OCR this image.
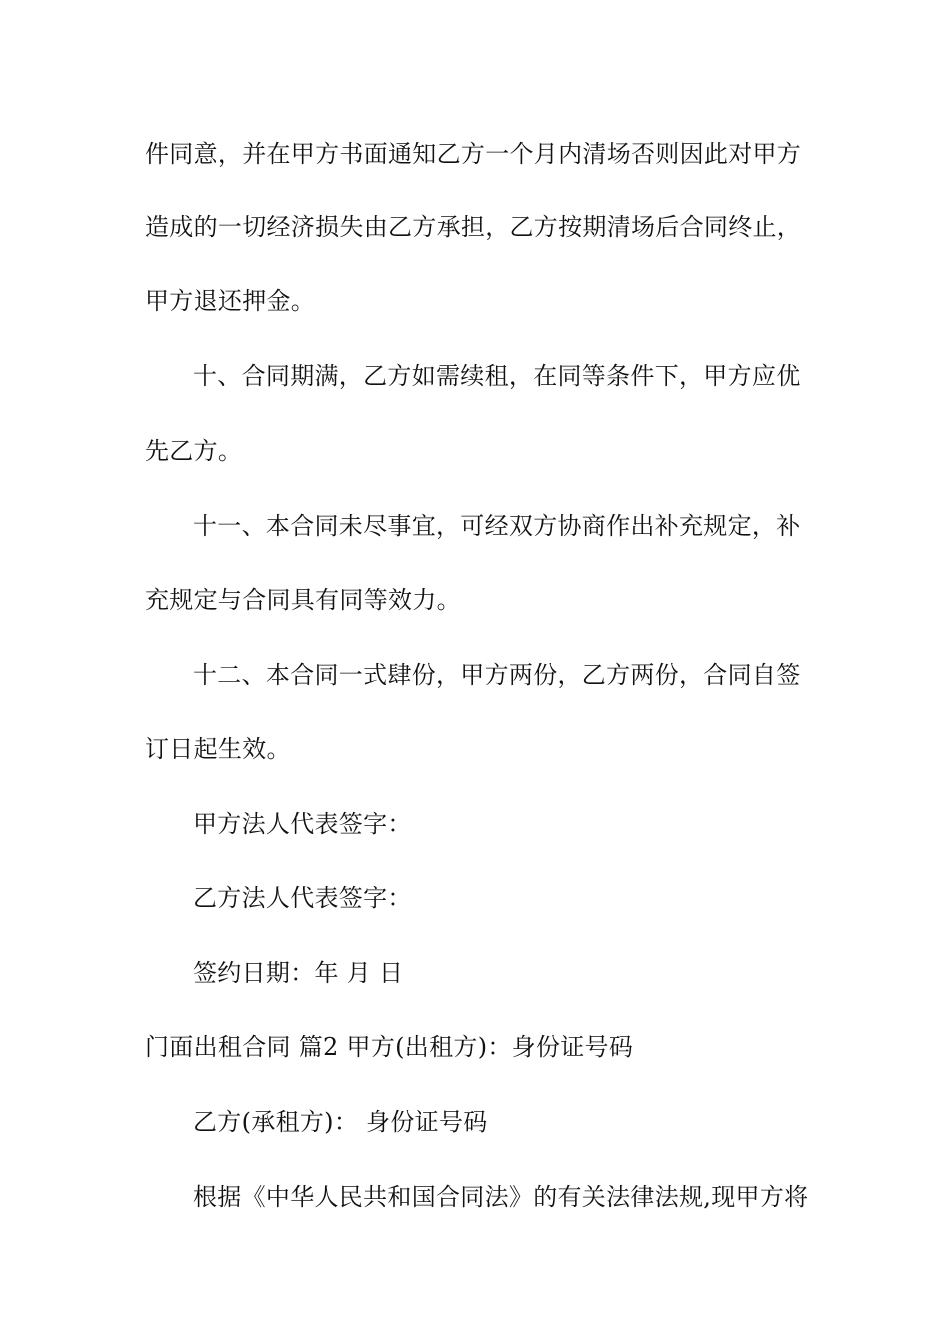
件同意，并在甲方书面通知乙方一个月内清场否则因此对甲方
造成的一切经济损失由乙方承担，乙方按期清场后合同终止，
甲方退还押金。
十、合同期满，乙方如需续租，在同等条件下，甲方应优
先乙方。
十一、本合同未尽事宜，可经双方协商作出补充规定，补
充规定与合同具有同等效力。
十二、本合同一式肆份，甲方两份，乙方两份，合同自签
订日起生效。
甲方法人代表签字：
乙方法人代表签字：
签约日期：年 月 日
门面出租合同 篇2 甲方(出租方)：身份证号码
乙方(承租方)： 身份证号码
根据《中华人民共和国合同法》的有关法律法规,现甲方将
